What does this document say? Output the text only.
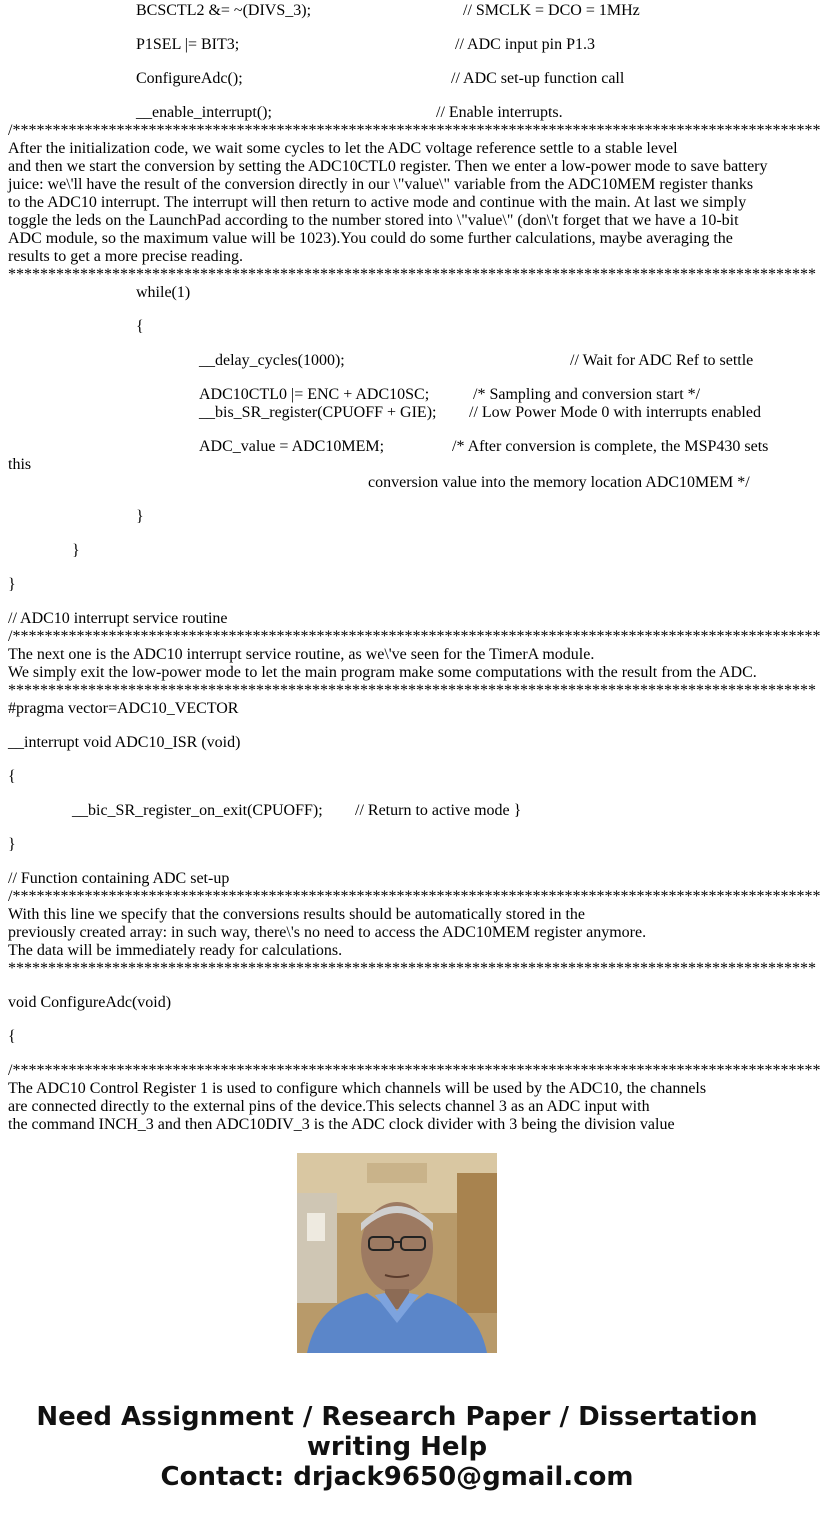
BCSCTL2 &= ~(DIVS_3);	// SMCLK = DCO = 1MHz
P1SEL |= BIT3;	// ADC input pin P1.3
ConfigureAdc();	// ADC set-up function call
__enable_interrupt();	// Enable interrupts.
/*****************************************************************************************************
After the initialization code, we wait some cycles to let the ADC voltage reference settle to a stable level
and then we start the conversion by setting the ADC10CTL0 register. Then we enter a low-power mode to save battery
juice: we\'ll have the result of the conversion directly in our \"value\" variable from the ADC10MEM register thanks
to the ADC10 interrupt. The interrupt will then return to active mode and continue with the main. At last we simply
toggle the leds on the LaunchPad according to the number stored into \"value\" (don\'t forget that we have a 10-bit
ADC module, so the maximum value will be 1023).You could do some further calculations, maybe averaging the
results to get a more precise reading.
*****************************************************************************************************
while(1)
{
__delay_cycles(1000);	// Wait for ADC Ref to settle
ADC10CTL0 |= ENC + ADC10SC;	/* Sampling and conversion start */
__bis_SR_register(CPUOFF + GIE); // Low Power Mode 0 with interrupts enabled
ADC_value = ADC10MEM;	/* After conversion is complete, the MSP430 sets
this
conversion value into the memory location ADC10MEM */
}
}
}
// ADC10 interrupt service routine
/*****************************************************************************************************
The next one is the ADC10 interrupt service routine, as we\'ve seen for the TimerA module.
We simply exit the low-power mode to let the main program make some computations with the result from the ADC.
*****************************************************************************************************
#pragma vector=ADC10_VECTOR
__interrupt void ADC10_ISR (void)
{
__bic_SR_register_on_exit(CPUOFF); // Return to active mode }
}
// Function containing ADC set-up
/*****************************************************************************************************
With this line we specify that the conversions results should be automatically stored in the
previously created array: in such way, there\'s no need to access the ADC10MEM register anymore.
The data will be immediately ready for calculations.
*****************************************************************************************************
void ConfigureAdc(void)
{
/*****************************************************************************************************
The ADC10 Control Register 1 is used to configure which channels will be used by the ADC10, the channels
are connected directly to the external pins of the device.This selects channel 3 as an ADC input with
the command INCH_3 and then ADC10DIV_3 is the ADC clock divider with 3 being the division value
Need Assignment / Research Paper / Dissertation
writing Help
Contact: drjack9650@gmail.com
